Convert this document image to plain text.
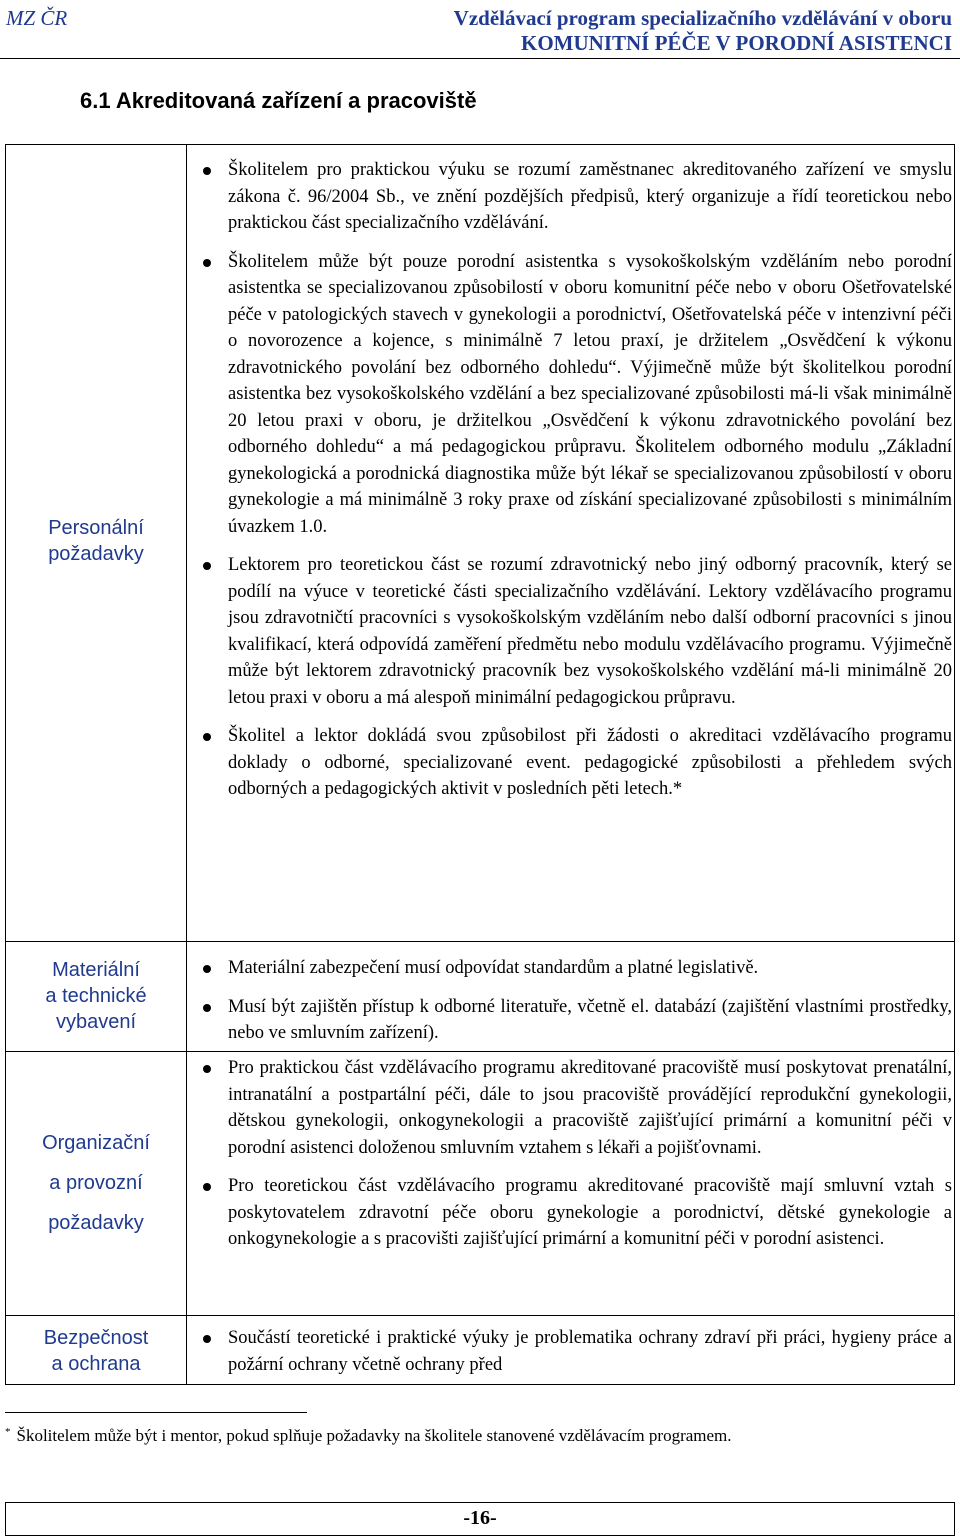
MZ ČR	Vzdělávací program specializačního vzdělávání v oboru
KOMUNITNÍ PÉČE V PORODNÍ ASISTENCI
6.1 Akreditovaná zařízení a pracoviště
Personální
požadavky
Školitelem pro praktickou výuku se rozumí zaměstnanec akreditovaného zařízení ve smyslu zákona č. 96/2004 Sb., ve znění pozdějších předpisů, který organizuje a řídí teoretickou nebo praktickou část specializačního vzdělávání.
Školitelem může být pouze porodní asistentka s vysokoškolským vzděláním nebo porodní asistentka se specializovanou způsobilostí v oboru komunitní péče nebo v oboru Ošetřovatelské péče v patologických stavech v gynekologii a porodnictví, Ošetřovatelská péče v intenzivní péči o novorozence a kojence, s minimálně 7 letou praxí, je držitelem „Osvědčení k výkonu zdravotnického povolání bez odborného dohledu“. Výjimečně může být školitelkou porodní asistentka bez vysokoškolského vzdělání a bez specializované způsobilosti má-li však minimálně 20 letou praxi v oboru, je držitelkou „Osvědčení k výkonu zdravotnického povolání bez odborného dohledu“ a má pedagogickou průpravu. Školitelem odborného modulu „Základní gynekologická a porodnická diagnostika může být lékař se specializovanou způsobilostí v oboru gynekologie a má minimálně 3 roky praxe od získání specializované způsobilosti s minimálním úvazkem 1.0.
Lektorem pro teoretickou část se rozumí zdravotnický nebo jiný odborný pracovník, který se podílí na výuce v teoretické části specializačního vzdělávání. Lektory vzdělávacího programu jsou zdravotničtí pracovníci s vysokoškolským vzděláním nebo další odborní pracovníci s jinou kvalifikací, která odpovídá zaměření předmětu nebo modulu vzdělávacího programu. Výjimečně může být lektorem zdravotnický pracovník bez vysokoškolského vzdělání má-li minimálně 20 letou praxi v oboru a má alespoň minimální pedagogickou průpravu.
Školitel a lektor dokládá svou způsobilost při žádosti o akreditaci vzdělávacího programu doklady o odborné, specializované event. pedagogické způsobilosti a přehledem svých odborných a pedagogických aktivit v posledních pěti letech.*
Materiální
a technické
vybavení
Materiální zabezpečení musí odpovídat standardům a platné legislativě.
Musí být zajištěn přístup k odborné literatuře, včetně el. databází (zajištění vlastními prostředky, nebo ve smluvním zařízení).
Organizační
a provozní
požadavky
Pro praktickou část vzdělávacího programu akreditované pracoviště musí poskytovat prenatální, intranatální a postpartální péči, dále to jsou pracoviště provádějící reprodukční gynekologii, dětskou gynekologii, onkogynekologii a pracoviště zajišťující primární a komunitní péči v porodní asistenci doloženou smluvním vztahem s lékaři a pojišťovnami.
Pro teoretickou část vzdělávacího programu akreditované pracoviště mají smluvní vztah s poskytovatelem zdravotní péče oboru gynekologie a porodnictví, dětské gynekologie a onkogynekologie a s pracovišti zajišťující primární a komunitní péči v porodní asistenci.
Bezpečnost
a ochrana
Součástí teoretické i praktické výuky je problematika ochrany zdraví při práci, hygieny práce a požární ochrany včetně ochrany před
* Školitelem může být i mentor, pokud splňuje požadavky na školitele stanovené vzdělávacím programem.
-16-
